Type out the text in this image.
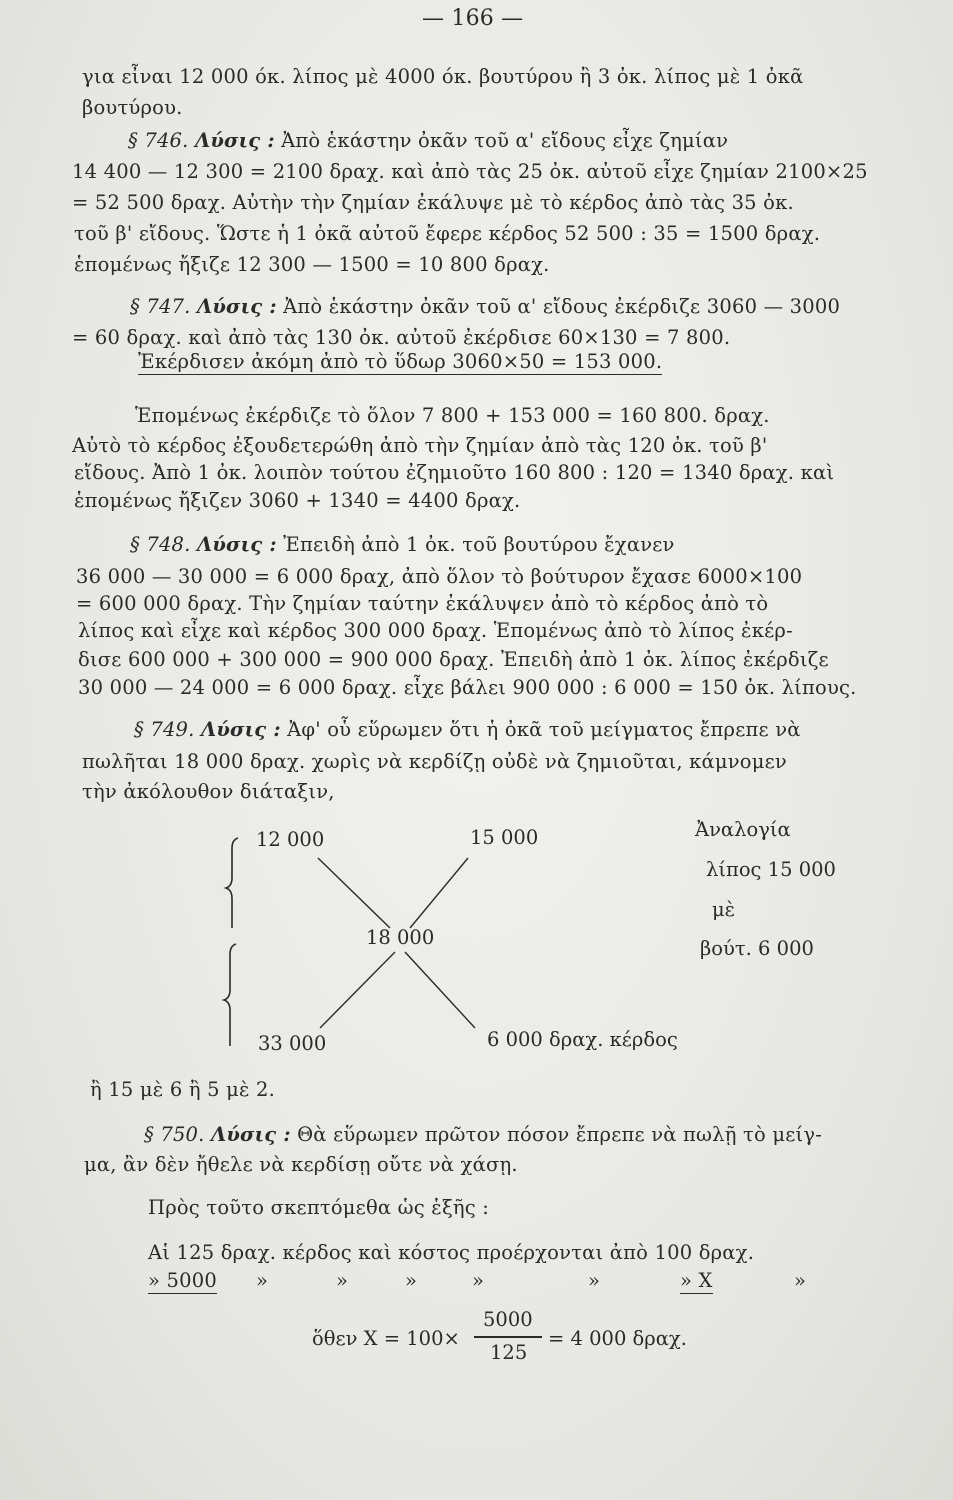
— 166 —
για εἶναι 12 000 όκ. λίπος μὲ 4000 όκ. βουτύρου ἢ 3 ὀκ. λίπος μὲ 1 ὀκᾶ
βουτύρου.
§ 746. Λύσις : Ἀπὸ ἑκάστην ὀκᾶν τοῦ α' εἴδους εἶχε ζημίαν
14 400 — 12 300 = 2100 δραχ. καὶ ἀπὸ τὰς 25 ὀκ. αὐτοῦ εἶχε ζημίαν 2100×25
= 52 500 δραχ. Αὐτὴν τὴν ζημίαν ἐκάλυψε μὲ τὸ κέρδος ἀπὸ τὰς 35 ὀκ.
τοῦ β' εἴδους. Ὥστε ἡ 1 ὀκᾶ αὐτοῦ ἔφερε κέρδος 52 500 : 35 = 1500 δραχ.
ἑπομένως ἤξιζε 12 300 — 1500 = 10 800 δραχ.
§ 747. Λύσις : Ἀπὸ ἑκάστην ὀκᾶν τοῦ α' εἴδους ἐκέρδιζε 3060 — 3000
= 60 δραχ. καὶ ἀπὸ τὰς 130 ὀκ. αὐτοῦ ἐκέρδισε 60×130 = 7 800.
Ἐκέρδισεν ἀκόμη ἀπὸ τὸ ὕδωρ 3060×50 = 153 000.
Ἑπομένως ἐκέρδιζε τὸ ὅλον 7 800 + 153 000 = 160 800. δραχ.
Αὐτὸ τὸ κέρδος ἐξουδετερώθη ἀπὸ τὴν ζημίαν ἀπὸ τὰς 120 ὀκ. τοῦ β'
εἴδους. Ἀπὸ 1 ὀκ. λοιπὸν τούτου ἐζημιοῦτο 160 800 : 120 = 1340 δραχ. καὶ
ἑπομένως ἤξιζεν 3060 + 1340 = 4400 δραχ.
§ 748. Λύσις : Ἐπειδὴ ἀπὸ 1 ὀκ. τοῦ βουτύρου ἔχανεν
36 000 — 30 000 = 6 000 δραχ, ἀπὸ ὅλον τὸ βούτυρον ἔχασε 6000×100
= 600 000 δραχ. Τὴν ζημίαν ταύτην ἐκάλυψεν ἀπὸ τὸ κέρδος ἀπὸ τὸ
λίπος καὶ εἶχε καὶ κέρδος 300 000 δραχ. Ἑπομένως ἀπὸ τὸ λίπος ἐκέρ-
δισε 600 000 + 300 000 = 900 000 δραχ. Ἐπειδὴ ἀπὸ 1 ὀκ. λίπος ἐκέρδιζε
30 000 — 24 000 = 6 000 δραχ. εἶχε βάλει 900 000 : 6 000 = 150 ὀκ. λίπους.
§ 749. Λύσις : Ἀφ' οὗ εὕρωμεν ὅτι ἡ ὀκᾶ τοῦ μείγματος ἔπρεπε νὰ
πωλῆται 18 000 δραχ. χωρὶς νὰ κερδίζῃ οὐδὲ νὰ ζημιοῦται, κάμνομεν
τὴν ἀκόλουθον διάταξιν,
12 000	15 000
18 000
33 000	6 000 δραχ. κέρδος
Ἀναλογία
λίπος 15 000
μὲ
βούτ. 6 000
ἢ 15 μὲ 6 ἢ 5 μὲ 2.
§ 750. Λύσις : Θὰ εὕρωμεν πρῶτον πόσον ἔπρεπε νὰ πωλῇ τὸ μείγ-
μα, ἂν δὲν ἤθελε νὰ κερδίσῃ οὔτε νὰ χάσῃ.
Πρὸς τοῦτο σκεπτόμεθα ὡς ἑξῆς :
Αἱ 125 δραχ. κέρδος καὶ κόστος προέρχονται ἀπὸ 100 δραχ.
» 5000 »	»	»	»	»	» X	»
ὅθεν X = 100×
5000
125
= 4 000 δραχ.
